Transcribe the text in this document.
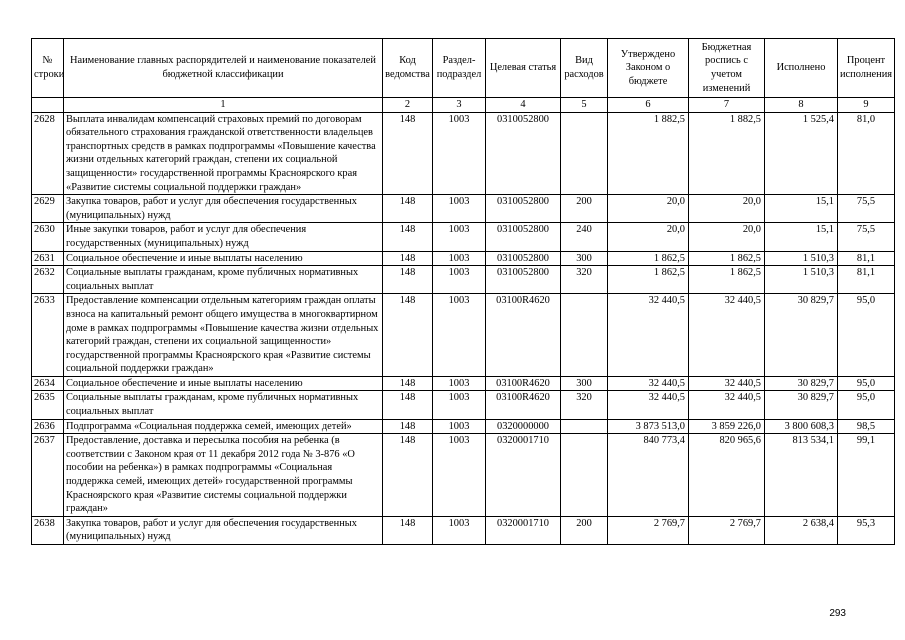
№ строки	Наименование главных распорядителей и наименование показателей бюджетной классификации	Код ведомства	Раздел-подраздел	Целевая статья	Вид расходов	Утверждено Законом о бюджете	Бюджетная роспись с учетом изменений	Исполнено	Процент исполнения
	1	2	3	4	5	6	7	8	9
2628	Выплата инвалидам компенсаций страховых премий по договорам обязательного страхования гражданской ответственности владельцев транспортных средств в рамках подпрограммы «Повышение качества жизни отдельных категорий граждан, степени их социальной защищенности» государственной программы Красноярского края «Развитие системы социальной поддержки граждан»	148	1003	0310052800		1 882,5	1 882,5	1 525,4	81,0
2629	Закупка товаров, работ и услуг для обеспечения государственных (муниципальных) нужд	148	1003	0310052800	200	20,0	20,0	15,1	75,5
2630	Иные закупки товаров, работ и услуг для обеспечения государственных (муниципальных) нужд	148	1003	0310052800	240	20,0	20,0	15,1	75,5
2631	Социальное обеспечение и иные выплаты населению	148	1003	0310052800	300	1 862,5	1 862,5	1 510,3	81,1
2632	Социальные выплаты гражданам, кроме публичных нормативных социальных выплат	148	1003	0310052800	320	1 862,5	1 862,5	1 510,3	81,1
2633	Предоставление компенсации отдельным категориям граждан оплаты взноса на капитальный ремонт общего имущества в многоквартирном доме в рамках подпрограммы «Повышение качества жизни отдельных категорий граждан, степени их социальной защищенности» государственной программы Красноярского края «Развитие системы социальной поддержки граждан»	148	1003	03100R4620		32 440,5	32 440,5	30 829,7	95,0
2634	Социальное обеспечение и иные выплаты населению	148	1003	03100R4620	300	32 440,5	32 440,5	30 829,7	95,0
2635	Социальные выплаты гражданам, кроме публичных нормативных социальных выплат	148	1003	03100R4620	320	32 440,5	32 440,5	30 829,7	95,0
2636	Подпрограмма «Социальная поддержка семей, имеющих детей»	148	1003	0320000000		3 873 513,0	3 859 226,0	3 800 608,3	98,5
2637	Предоставление, доставка и пересылка пособия на ребенка (в соответствии с Законом края от 11 декабря 2012 года № 3-876 «О пособии на ребенка») в рамках подпрограммы «Социальная поддержка семей, имеющих детей» государственной программы Красноярского края «Развитие системы социальной поддержки граждан»	148	1003	0320001710		840 773,4	820 965,6	813 534,1	99,1
2638	Закупка товаров, работ и услуг для обеспечения государственных (муниципальных) нужд	148	1003	0320001710	200	2 769,7	2 769,7	2 638,4	95,3
293
